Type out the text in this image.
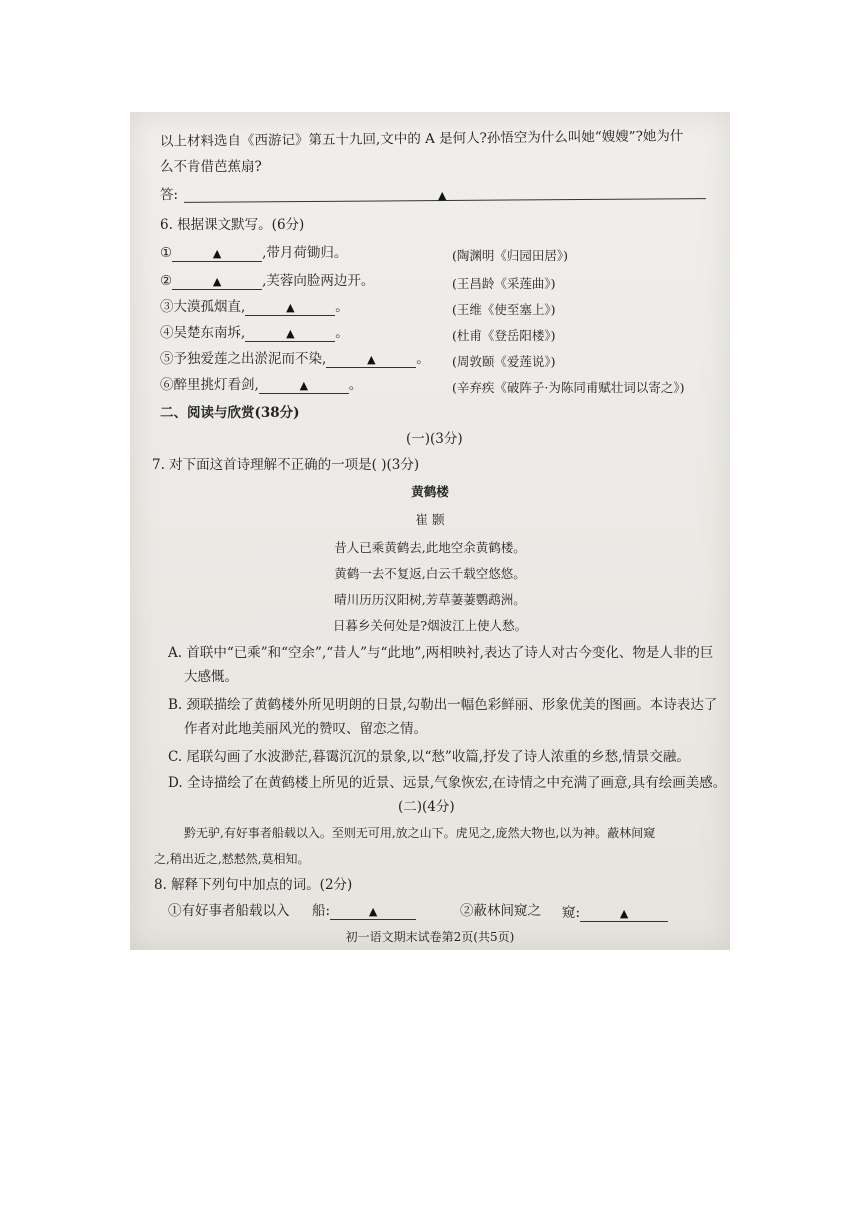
以上材料选自《西游记》第五十九回,文中的 A 是何人?孙悟空为什么叫她“嫂嫂”?她为什
么不肯借芭蕉扇?
答:	▲
6. 根据课文默写。(6分)
①	▲	,带月荷锄归。	(陶渊明《归园田居》)
②	▲	,芙蓉向脸两边开。	(王昌龄《采莲曲》)
③大漠孤烟直,	▲	。	(王维《使至塞上》)
④吴楚东南坼,	▲	。	(杜甫《登岳阳楼》)
⑤予独爱莲之出淤泥而不染,	▲	。 (周敦颐《爱莲说》)
⑥醉里挑灯看剑,	▲	。	(辛弃疾《破阵子·为陈同甫赋壮词以寄之》)
二、阅读与欣赏(38分)
(一)(3分)
7. 对下面这首诗理解不正确的一项是( )(3分)
黄鹤楼
崔 颢
昔人已乘黄鹤去,此地空余黄鹤楼。
黄鹤一去不复返,白云千载空悠悠。
晴川历历汉阳树,芳草萋萋鹦鹉洲。
日暮乡关何处是?烟波江上使人愁。
A. 首联中“已乘”和“空余”,“昔人”与“此地”,两相映衬,表达了诗人对古今变化、物是人非的巨
大感慨。
B. 颈联描绘了黄鹤楼外所见明朗的日景,勾勒出一幅色彩鲜丽、形象优美的图画。本诗表达了
作者对此地美丽风光的赞叹、留恋之情。
C. 尾联勾画了水波渺茫,暮霭沉沉的景象,以“愁”收篇,抒发了诗人浓重的乡愁,情景交融。
D. 全诗描绘了在黄鹤楼上所见的近景、远景,气象恢宏,在诗情之中充满了画意,具有绘画美感。
(二)(4分)
黔无驴,有好事者船载以入。至则无可用,放之山下。虎见之,庞然大物也,以为神。蔽林间窥
之,稍出近之,慭慭然,莫相知。
8. 解释下列句中加点的词。(2分)
①有好事者船载以入 船:	▲	②蔽林间窥之 窥:	▲
初一语文期末试卷第2页(共5页)
